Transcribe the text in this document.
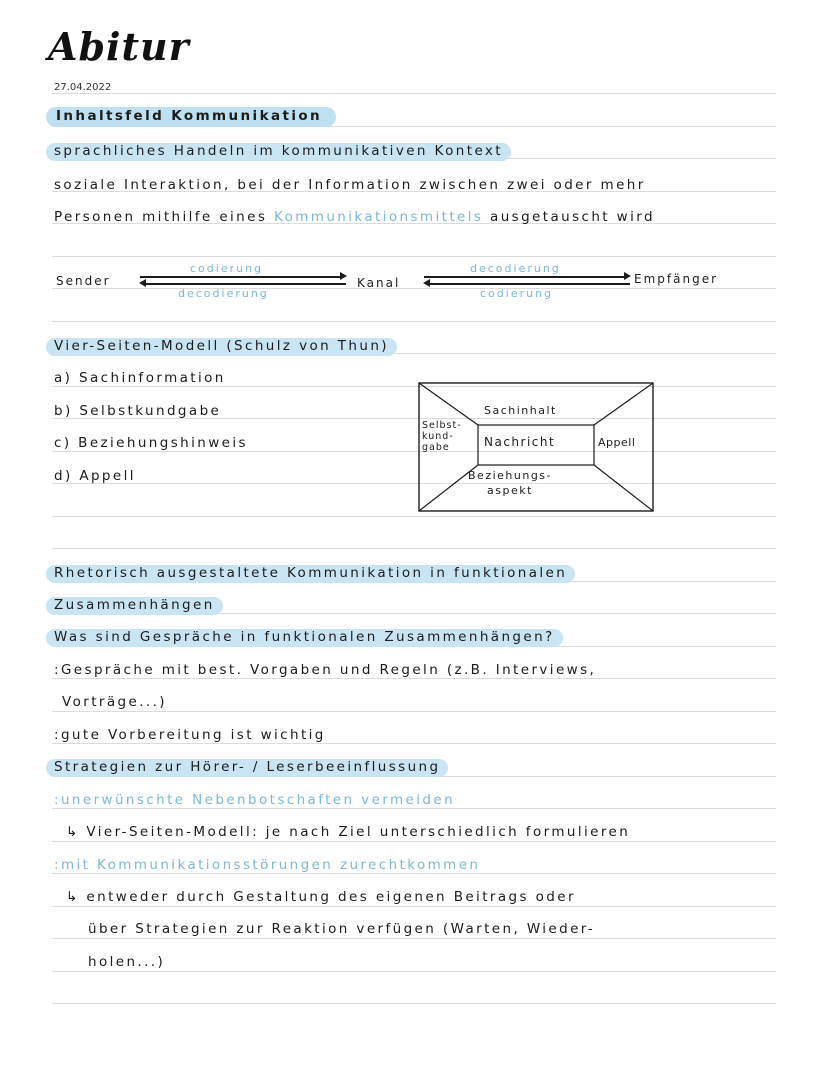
Abitur
27.04.2022
Inhaltsfeld Kommunikation
sprachliches Handeln im kommunikativen Kontext
soziale Interaktion, bei der Information zwischen zwei oder mehr
Personen mithilfe eines Kommunikationsmittels ausgetauscht wird
Sender
codierung
decodierung
Kanal
decodierung
codierung
Empfänger
Vier-Seiten-Modell (Schulz von Thun)
a) Sachinformation
b) Selbstkundgabe
c) Beziehungshinweis
d) Appell
Sachinhalt
Selbst-
kund-
gabe	Nachricht	Appell
Beziehungs-
aspekt
Rhetorisch ausgestaltete Kommunikation in funktionalen
Zusammenhängen
Was sind Gespräche in funktionalen Zusammenhängen?
:Gespräche mit best. Vorgaben und Regeln (z.B. Interviews,
Vorträge...)
:gute Vorbereitung ist wichtig
Strategien zur Hörer- / Leserbeeinflussung
:unerwünschte Nebenbotschaften vermeiden
↳ Vier-Seiten-Modell: je nach Ziel unterschiedlich formulieren
:mit Kommunikationsstörungen zurechtkommen
↳ entweder durch Gestaltung des eigenen Beitrags oder
über Strategien zur Reaktion verfügen (Warten, Wieder-
holen...)
